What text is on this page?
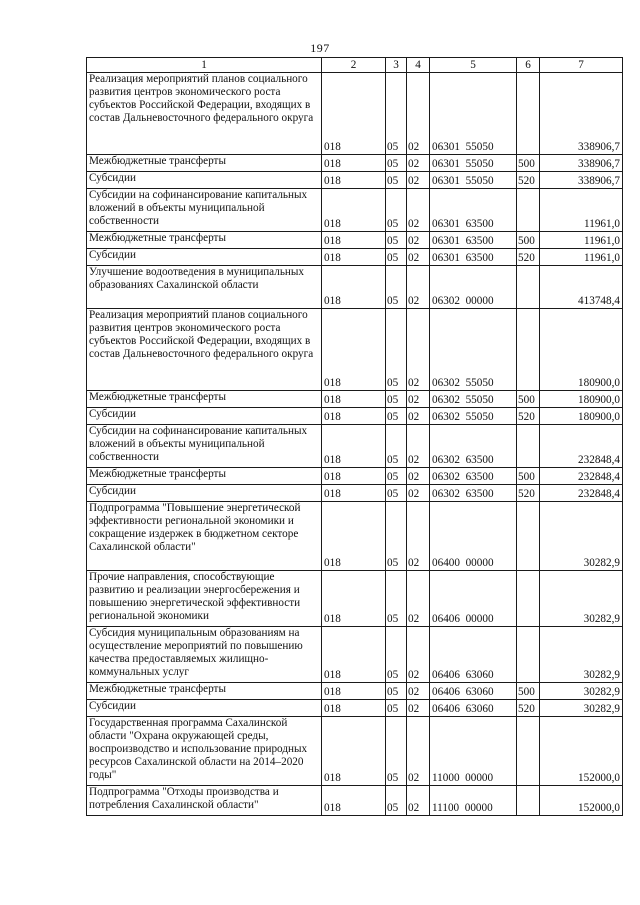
197
1	2	3	4	5	6	7
Реализация мероприятий планов социального развития центров экономического роста субъектов Российской Федерации, входящих в состав Дальневосточного федерального округа	018	05	02	06301  55050		338906,7
Межбюджетные трансферты	018	05	02	06301  55050	500	338906,7
Субсидии	018	05	02	06301  55050	520	338906,7
Субсидии на софинансирование капитальных вложений в объекты муниципальной собственности	018	05	02	06301  63500		11961,0
Межбюджетные трансферты	018	05	02	06301  63500	500	11961,0
Субсидии	018	05	02	06301  63500	520	11961,0
Улучшение водоотведения в муниципальных образованиях Сахалинской области	018	05	02	06302  00000		413748,4
Реализация мероприятий планов социального развития центров экономического роста субъектов Российской Федерации, входящих в состав Дальневосточного федерального округа	018	05	02	06302  55050		180900,0
Межбюджетные трансферты	018	05	02	06302  55050	500	180900,0
Субсидии	018	05	02	06302  55050	520	180900,0
Субсидии на софинансирование капитальных вложений в объекты муниципальной собственности	018	05	02	06302  63500		232848,4
Межбюджетные трансферты	018	05	02	06302  63500	500	232848,4
Субсидии	018	05	02	06302  63500	520	232848,4
Подпрограмма "Повышение энергетической эффективности региональной экономики и сокращение издержек в бюджетном секторе Сахалинской области"	018	05	02	06400  00000		30282,9
Прочие направления, способствующие развитию и реализации энергосбережения и повышению энергетической эффективности региональной экономики	018	05	02	06406  00000		30282,9
Субсидия муниципальным образованиям на осуществление мероприятий по повышению качества предоставляемых жилищно-коммунальных услуг	018	05	02	06406  63060		30282,9
Межбюджетные трансферты	018	05	02	06406  63060	500	30282,9
Субсидии	018	05	02	06406  63060	520	30282,9
Государственная программа Сахалинской области "Охрана окружающей среды, воспроизводство и использование природных ресурсов Сахалинской области на 2014–2020 годы"	018	05	02	11000  00000		152000,0
Подпрограмма "Отходы производства и потребления Сахалинской области"	018	05	02	11100  00000		152000,0
